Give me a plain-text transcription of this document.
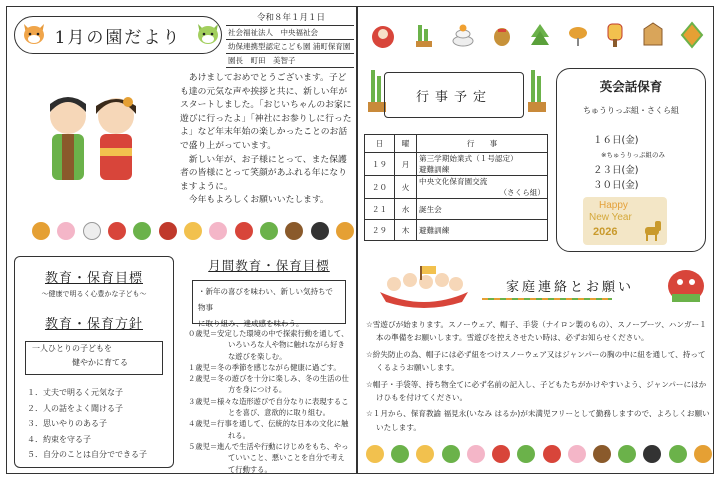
1月の園だより
令和８年１月１日
社会福祉法人　中央福祉会
幼保連携型認定こども園 浦町保育園
園長　町田　美智子

あけましておめでとうございます。子ども達の元気な声や挨拶と共に、新しい年がスタートしました。「おじいちゃんのお家に遊びに行ったよ」「神社にお参りしに行ったよ」など年末年始の楽しかったことのお話で盛り上がっています。

新しい年が、お子様にとって、また保護者の皆様にとって笑顔があふれる年になりますように。

今年もよろしくお願いいたします。

教育・保育目標
～健康で明るく心豊かな子ども～
教育・保育方針
一人ひとりの子どもを
健やかに育てる
１．丈夫で明るく元気な子
２．人の話をよく聞ける子
３．思いやりのある子
４．約束を守る子
５．自分のことは自分でできる子
月間教育・保育目標
・新年の喜びを味わい、新しい気持ちで物事
に取り組み、達成感を味わう。
０歳児＝安定した環境の中で探索行動を通して、いろいろな人や物に触れながら好きな遊びを楽しむ。
１歳児＝冬の季節を感じながら健康に過ごす。
２歳児＝冬の遊びを十分に楽しみ、冬の生活の仕方を身につける。
３歳児＝様々な造形遊びで自分なりに表現することを喜び、意欲的に取り組む。
４歳児＝行事を通して、伝統的な日本の文化に触れる。
５歳児＝進んで生活や行動にけじめをもち、やっていいこと、悪いことを自分で考えて行動する。
行事予定
日	曜	行　　事
１９	月	第三学期始業式（１号認定）
避難訓練

２０	火	中央文化保育園交流
（さくら組）

２１	水	誕生会
２９	木	避難訓練
英会話保育
ちゅうりっぷ組・さくら組
１６日(金)
※ちゅうりっぷ組のみ
２３日(金)
３０日(金)
Happy
New Year
2026
家庭連絡とお願い
☆雪遊びが始まります。スノーウェア、帽子、手袋（ナイロン製のもの）、スノーブーツ、ハンガー１本の準備をお願いします。雪遊びを控えさせたい時は、必ずお知らせください。
☆紛失防止の為、帽子には必ず紐をつけスノーウェア又はジャンパーの胸の中に紐を通して、持ってくるようお願いします。
☆帽子・手袋等、持ち物全てに必ず名前の記入し、子どもたちがかけやすいよう、ジャンパーにはかけひもを付けてください。
☆１月から、保育教諭 福見永(いなみ はるか)が未満児フリーとして勤務しますので、よろしくお願いいたします。
